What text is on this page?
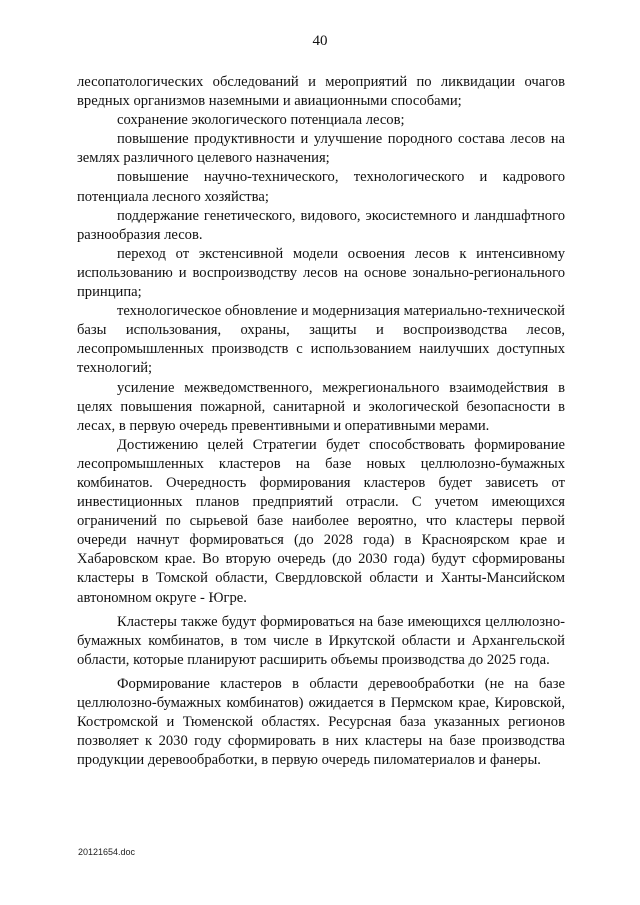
40

лесопатологических обследований и мероприятий по ликвидации очагов вредных организмов наземными и авиационными способами;

сохранение экологического потенциала лесов;

повышение продуктивности и улучшение породного состава лесов на землях различного целевого назначения;

повышение научно-технического, технологического и кадрового потенциала лесного хозяйства;

поддержание генетического, видового, экосистемного и ландшафтного разнообразия лесов.

переход от экстенсивной модели освоения лесов к интенсивному использованию и воспроизводству лесов на основе зонально-регионального принципа;

технологическое обновление и модернизация материально-технической базы использования, охраны, защиты и воспроизводства лесов, лесопромышленных производств с использованием наилучших доступных технологий;

усиление межведомственного, межрегионального взаимодействия в целях повышения пожарной, санитарной и экологической безопасности в лесах, в первую очередь превентивными и оперативными мерами.

Достижению целей Стратегии будет способствовать формирование лесопромышленных кластеров на базе новых целлюлозно-бумажных комбинатов. Очередность формирования кластеров будет зависеть от инвестиционных планов предприятий отрасли. С учетом имеющихся ограничений по сырьевой базе наиболее вероятно, что кластеры первой очереди начнут формироваться (до 2028 года) в Красноярском крае и Хабаровском крае. Во вторую очередь (до 2030 года) будут сформированы кластеры в Томской области, Свердловской области и Ханты-Мансийском автономном округе - Югре.

Кластеры также будут формироваться на базе имеющихся целлюлозно-бумажных комбинатов, в том числе в Иркутской области и Архангельской области, которые планируют расширить объемы производства до 2025 года.

Формирование кластеров в области деревообработки (не на базе целлюлозно-бумажных комбинатов) ожидается в Пермском крае, Кировской, Костромской и Тюменской областях. Ресурсная база указанных регионов позволяет к 2030 году сформировать в них кластеры на базе производства продукции деревообработки, в первую очередь пиломатериалов и фанеры.

20121654.doc
